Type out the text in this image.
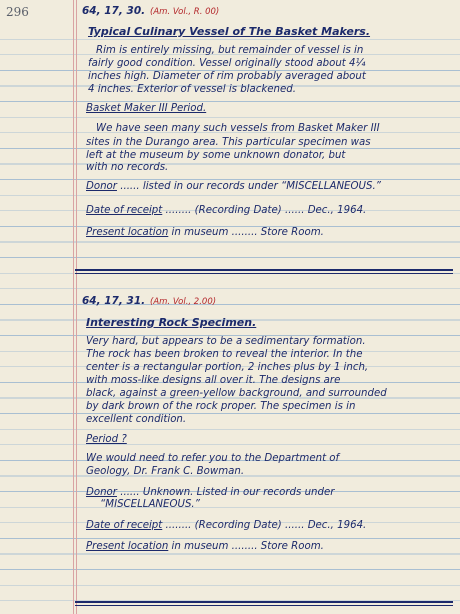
296	64, 17, 30. (Am. Vol., R. 00)
Typical Culinary Vessel of The Basket Makers.
Rim is entirely missing, but remainder of vessel is in
fairly good condition. Vessel originally stood about 4¼
inches high. Diameter of rim probably averaged about
4 inches. Exterior of vessel is blackened.
Basket Maker III Period.
We have seen many such vessels from Basket Maker III
sites in the Durango area. This particular specimen was
left at the museum by some unknown donator, but
with no records.
Donor ...... listed in our records under “MISCELLANEOUS.”
Date of receipt ........ (Recording Date) ...... Dec., 1964.
Present location in museum ........ Store Room.
64, 17, 31. (Am. Vol., 2.00)
Interesting Rock Specimen.
Very hard, but appears to be a sedimentary formation.
The rock has been broken to reveal the interior. In the
center is a rectangular portion, 2 inches plus by 1 inch,
with moss-like designs all over it. The designs are
black, against a green-yellow background, and surrounded
by dark brown of the rock proper. The specimen is in
excellent condition.
Period ?
We would need to refer you to the Department of
Geology, Dr. Frank C. Bowman.
Donor ...... Unknown. Listed in our records under
“MISCELLANEOUS.”
Date of receipt ........ (Recording Date) ...... Dec., 1964.
Present location in museum ........ Store Room.
